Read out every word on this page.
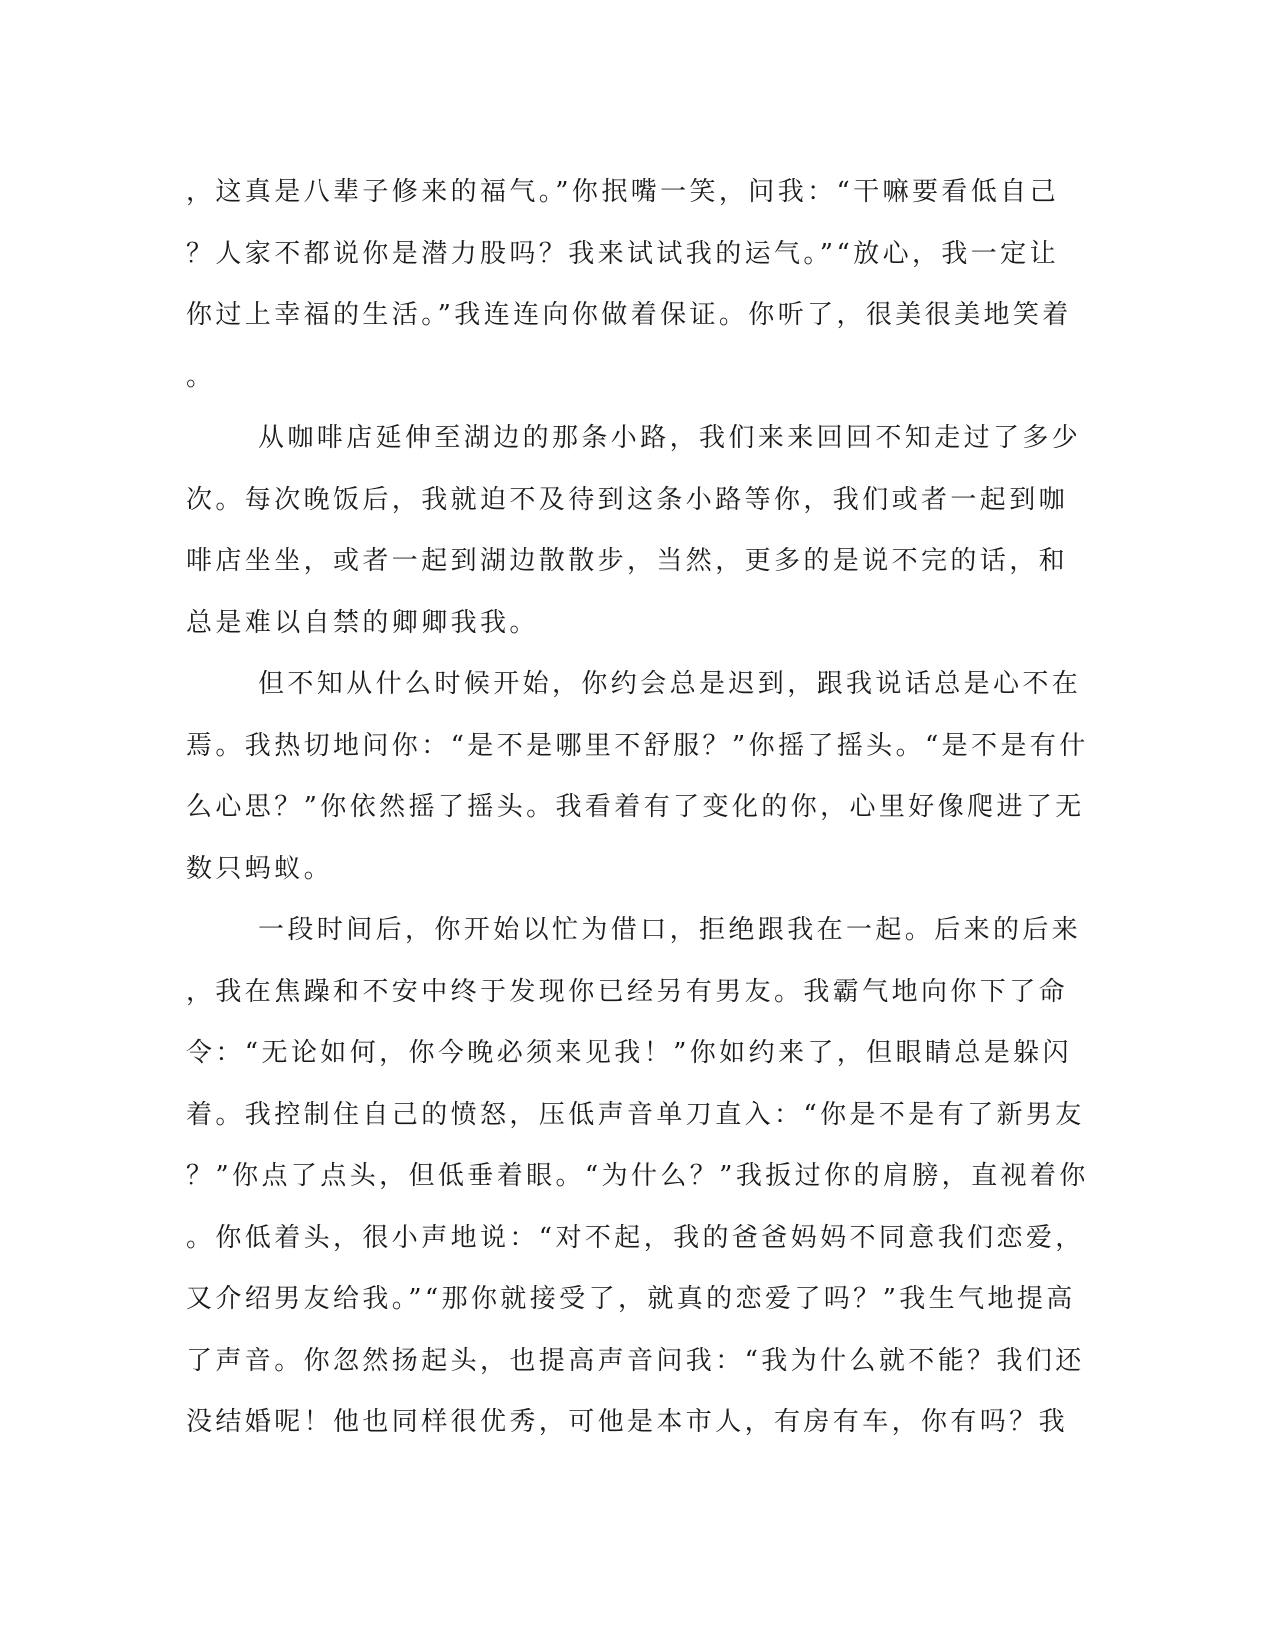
，这真是八辈子修来的福气。”你抿嘴一笑，问我：“干嘛要看低自己
？人家不都说你是潜力股吗？我来试试我的运气。”“放心，我一定让
你过上幸福的生活。”我连连向你做着保证。你听了，很美很美地笑着
。
从咖啡店延伸至湖边的那条小路，我们来来回回不知走过了多少
次。每次晚饭后，我就迫不及待到这条小路等你，我们或者一起到咖
啡店坐坐，或者一起到湖边散散步，当然，更多的是说不完的话，和
总是难以自禁的卿卿我我。
但不知从什么时候开始，你约会总是迟到，跟我说话总是心不在
焉。我热切地问你：“是不是哪里不舒服？”你摇了摇头。“是不是有什
么心思？”你依然摇了摇头。我看着有了变化的你，心里好像爬进了无
数只蚂蚁。
一段时间后，你开始以忙为借口，拒绝跟我在一起。后来的后来
，我在焦躁和不安中终于发现你已经另有男友。我霸气地向你下了命
令：“无论如何，你今晚必须来见我！”你如约来了，但眼睛总是躲闪
着。我控制住自己的愤怒，压低声音单刀直入：“你是不是有了新男友
？”你点了点头，但低垂着眼。“为什么？”我扳过你的肩膀，直视着你
。你低着头，很小声地说：“对不起，我的爸爸妈妈不同意我们恋爱，
又介绍男友给我。”“那你就接受了，就真的恋爱了吗？”我生气地提高
了声音。你忽然扬起头，也提高声音问我：“我为什么就不能？我们还
没结婚呢！他也同样很优秀，可他是本市人，有房有车，你有吗？我
